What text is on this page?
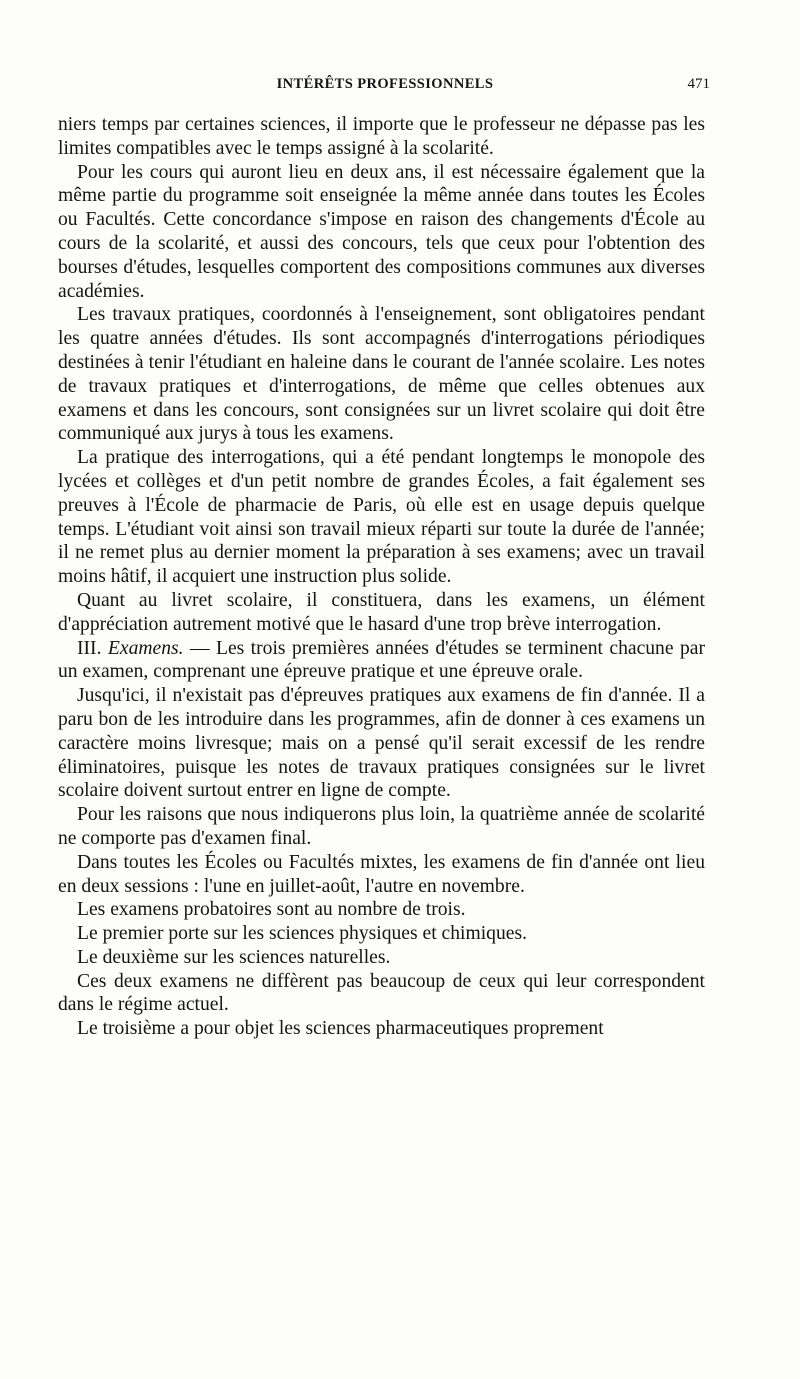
INTÉRÊTS PROFESSIONNELS	471

niers temps par certaines sciences, il importe que le professeur ne dépasse pas les limites compatibles avec le temps assigné à la scolarité.

Pour les cours qui auront lieu en deux ans, il est nécessaire également que la même partie du programme soit enseignée la même année dans toutes les Écoles ou Facultés. Cette concordance s'impose en raison des changements d'École au cours de la scolarité, et aussi des concours, tels que ceux pour l'obtention des bourses d'études, lesquelles comportent des compositions communes aux diverses académies.

Les travaux pratiques, coordonnés à l'enseignement, sont obligatoires pendant les quatre années d'études. Ils sont accompagnés d'interrogations périodiques destinées à tenir l'étudiant en haleine dans le courant de l'année scolaire. Les notes de travaux pratiques et d'interrogations, de même que celles obtenues aux examens et dans les concours, sont consignées sur un livret scolaire qui doit être communiqué aux jurys à tous les examens.

La pratique des interrogations, qui a été pendant longtemps le monopole des lycées et collèges et d'un petit nombre de grandes Écoles, a fait également ses preuves à l'École de pharmacie de Paris, où elle est en usage depuis quelque temps. L'étudiant voit ainsi son travail mieux réparti sur toute la durée de l'année; il ne remet plus au dernier moment la préparation à ses examens; avec un travail moins hâtif, il acquiert une instruction plus solide.

Quant au livret scolaire, il constituera, dans les examens, un élément d'appréciation autrement motivé que le hasard d'une trop brève interrogation.

III. Examens. — Les trois premières années d'études se terminent chacune par un examen, comprenant une épreuve pratique et une épreuve orale.

Jusqu'ici, il n'existait pas d'épreuves pratiques aux examens de fin d'année. Il a paru bon de les introduire dans les programmes, afin de donner à ces examens un caractère moins livresque; mais on a pensé qu'il serait excessif de les rendre éliminatoires, puisque les notes de travaux pratiques consignées sur le livret scolaire doivent surtout entrer en ligne de compte.

Pour les raisons que nous indiquerons plus loin, la quatrième année de scolarité ne comporte pas d'examen final.

Dans toutes les Écoles ou Facultés mixtes, les examens de fin d'année ont lieu en deux sessions : l'une en juillet-août, l'autre en novembre.

Les examens probatoires sont au nombre de trois.

Le premier porte sur les sciences physiques et chimiques.

Le deuxième sur les sciences naturelles.

Ces deux examens ne diffèrent pas beaucoup de ceux qui leur correspondent dans le régime actuel.

Le troisième a pour objet les sciences pharmaceutiques proprement
